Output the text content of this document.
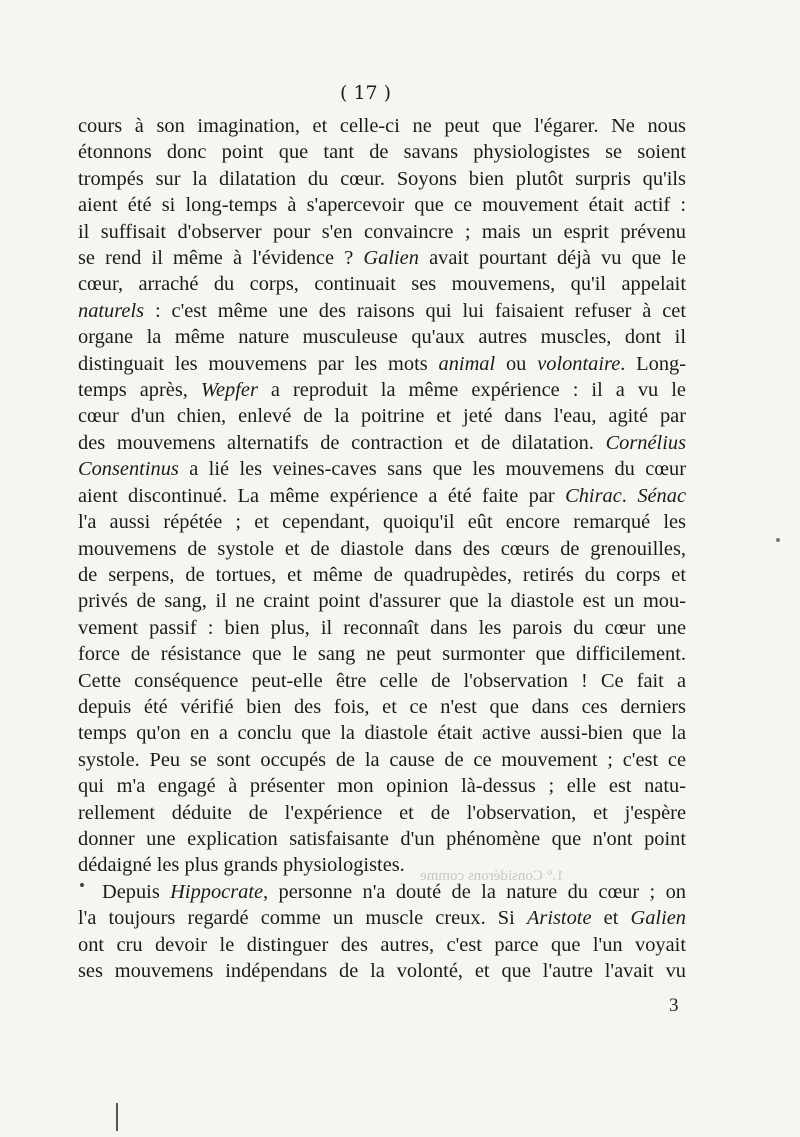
1.° Considérons comme
( 17 )
cours à son imagination, et celle-ci ne peut que l'égarer. Ne nous
étonnons donc point que tant de savans physiologistes se soient
trompés sur la dilatation du cœur. Soyons bien plutôt surpris qu'ils
aient été si long-temps à s'apercevoir que ce mouvement était actif :
il suffisait d'observer pour s'en convaincre ; mais un esprit prévenu
se rend il même à l'évidence ? Galien avait pourtant déjà vu que le
cœur, arraché du corps, continuait ses mouvemens, qu'il appelait
naturels : c'est même une des raisons qui lui faisaient refuser à cet
organe la même nature musculeuse qu'aux autres muscles, dont il
distinguait les mouvemens par les mots animal ou volontaire. Long-
temps après, Wepfer a reproduit la même expérience : il a vu le
cœur d'un chien, enlevé de la poitrine et jeté dans l'eau, agité par
des mouvemens alternatifs de contraction et de dilatation. Cornélius
Consentinus a lié les veines-caves sans que les mouvemens du cœur
aient discontinué. La même expérience a été faite par Chirac. Sénac
l'a aussi répétée ; et cependant, quoiqu'il eût encore remarqué les
mouvemens de systole et de diastole dans des cœurs de grenouilles,
de serpens, de tortues, et même de quadrupèdes, retirés du corps et
privés de sang, il ne craint point d'assurer que la diastole est un mou-
vement passif : bien plus, il reconnaît dans les parois du cœur une
force de résistance que le sang ne peut surmonter que difficilement.
Cette conséquence peut-elle être celle de l'observation ! Ce fait a
depuis été vérifié bien des fois, et ce n'est que dans ces derniers
temps qu'on en a conclu que la diastole était active aussi-bien que la
systole. Peu se sont occupés de la cause de ce mouvement ; c'est ce
qui m'a engagé à présenter mon opinion là-dessus ; elle est natu-
rellement déduite de l'expérience et de l'observation, et j'espère
donner une explication satisfaisante d'un phénomène que n'ont point
dédaigné les plus grands physiologistes.
Depuis Hippocrate, personne n'a douté de la nature du cœur ; on
l'a toujours regardé comme un muscle creux. Si Aristote et Galien
ont cru devoir le distinguer des autres, c'est parce que l'un voyait
ses mouvemens indépendans de la volonté, et que l'autre l'avait vu
3
